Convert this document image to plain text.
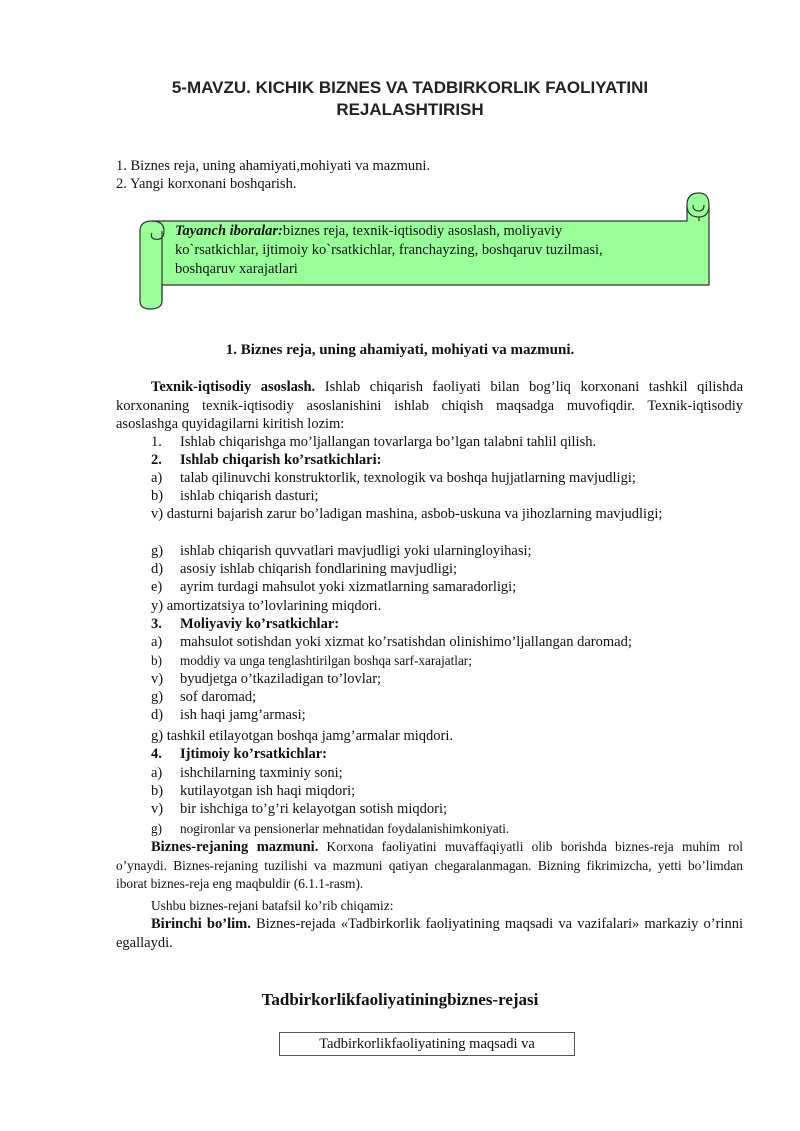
5-MAVZU. KICHIK BIZNES VA TADBIRKORLIK FAOLIYATINI
REJALASHTIRISH
1. Biznes reja, uning ahamiyati,mohiyati va mazmuni.
2. Yangi korxonani boshqarish.
Tayanch iboralar:biznes reja, texnik-iqtisodiy asoslash, moliyaviy
ko`rsatkichlar, ijtimoiy ko`rsatkichlar, franchayzing, boshqaruv tuzilmasi,
boshqaruv xarajatlari
1. Biznes reja, uning ahamiyati, mohiyati va mazmuni.
Texnik-iqtisodiy asoslash. Ishlab chiqarish faoliyati bilan bog’liq korxonani tashkil qilishda korxonaning texnik-iqtisodiy asoslanishini ishlab chiqish maqsadga muvofiqdir. Texnik-iqtisodiy asoslashga quyidagilarni kiritish lozim:
1. Ishlab chiqarishga mo’ljallangan tovarlarga bo’lgan talabni tahlil qilish.
2. Ishlab chiqarish ko’rsatkichlari:
a) talab qilinuvchi konstruktorlik, texnologik va boshqa hujjatlarning mavjudligi;
b) ishlab chiqarish dasturi;
v) dasturni bajarish zarur bo’ladigan mashina, asbob-uskuna va jihozlarning mavjudligi;
g) ishlab chiqarish quvvatlari mavjudligi yoki ularningloyihasi;
d) asosiy ishlab chiqarish fondlarining mavjudligi;
e) ayrim turdagi mahsulot yoki xizmatlarning samaradorligi;
y) amortizatsiya to’lovlarining miqdori.
3. Moliyaviy ko’rsatkichlar:
a) mahsulot sotishdan yoki xizmat ko’rsatishdan olinishimo’ljallangan daromad;
b) moddiy va unga tenglashtirilgan boshqa sarf-xarajatlar;
v) byudjetga o’tkaziladigan to’lovlar;
g) sof daromad;
d) ish haqi jamg’armasi;
g) tashkil etilayotgan boshqa jamg’armalar miqdori.
4. Ijtimoiy ko’rsatkichlar:
a) ishchilarning taxminiy soni;
b) kutilayotgan ish haqi miqdori;
v) bir ishchiga to’g’ri kelayotgan sotish miqdori;
g) nogironlar va pensionerlar mehnatidan foydalanishimkoniyati.
Biznes-rejaning mazmuni. Korxona faoliyatini muvaffaqiyatli olib borishda biznes-reja muhim rol o’ynaydi. Biznes-rejaning tuzilishi va mazmuni qatiyan chegaralanmagan. Bizning fikrimizcha, yetti bo’limdan iborat biznes-reja eng maqbuldir (6.1.1-rasm).
Ushbu biznes-rejani batafsil ko’rib chiqamiz:
Birinchi bo’lim. Biznes-rejada «Tadbirkorlik faoliyatining maqsadi va vazifalari» markaziy o’rinni egallaydi.
Tadbirkorlikfaoliyatiningbiznes-rejasi
Tadbirkorlikfaoliyatining maqsadi va
